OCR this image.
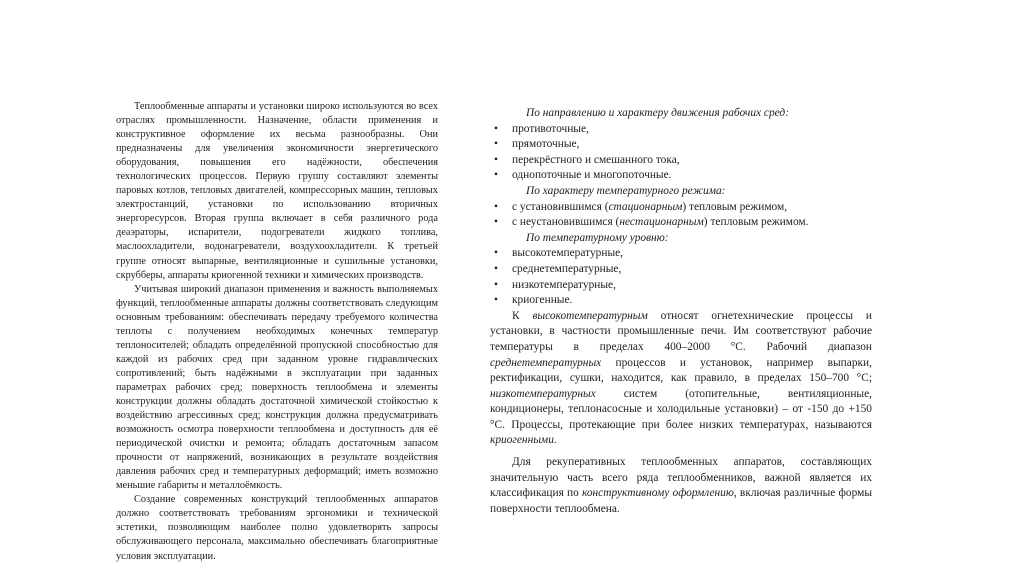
Теплообменные аппараты и установки широко используются во всех отраслях промышленности. Назначение, области применения и конструктивное оформление их весьма разнообразны. Они предназначены для увеличения экономичности энергетического оборудования, повышения его надёжности, обеспечения технологических процессов. Первую группу составляют элементы паровых котлов, тепловых двигателей, компрессорных машин, тепловых электростанций, установки по использованию вторичных энергоресурсов. Вторая группа включает в себя различного рода деаэраторы, испарители, подогреватели жидкого топлива, маслоохладители, водонагреватели, воздухоохладители. К третьей группе относят выпарные, вентиляционные и сушильные установки, скрубберы, аппараты криогенной техники и химических производств.

Учитывая широкий диапазон применения и важность выполняемых функций, теплообменные аппараты должны соответствовать следующим основным требованиям: обеспечивать передачу требуемого количества теплоты с получением необходимых конечных температур теплоносителей; обладать определённой пропускной способностью для каждой из рабочих сред при заданном уровне гидравлических сопротивлений; быть надёжными в эксплуатации при заданных параметрах рабочих сред; поверхность теплообмена и элементы конструкции должны обладать достаточной химической стойкостью к воздействию агрессивных сред; конструкция должна предусматривать возможность осмотра поверхности теплообмена и доступность для её периодической очистки и ремонта; обладать достаточным запасом прочности от напряжений, возникающих в результате воздействия давления рабочих сред и температурных деформаций; иметь возможно меньшие габариты и металлоёмкость.

Создание современных конструкций теплообменных аппаратов должно соответствовать требованиям эргономики и технической эстетики, позволяющим наиболее полно удовлетворять запросы обслуживающего персонала, максимально обеспечивать благоприятные условия эксплуатации.

По направлению и характеру движения рабочих сред:

• противоточные,
• прямоточные,
• перекрёстного и смешанного тока,
• однопоточные и многопоточные.

По характеру температурного режима:

• с установившимся (стационарным) тепловым режимом,
• с неустановившимся (нестационарным) тепловым режимом.

По температурному уровню:

• высокотемпературные,
• среднетемпературные,
• низкотемпературные,
• криогенные.

К высокотемпературным относят огнетехнические процессы и установки, в частности промышленные печи. Им соответствуют рабочие температуры в пределах 400–2000 °С. Рабочий диапазон среднетемпературных процессов и установок, например выпарки, ректификации, сушки, находится, как правило, в пределах 150–700 °С; низкотемпературных систем (отопительные, вентиляционные, кондиционеры, теплонасосные и холодильные установки) – от -150 до +150 °С. Процессы, протекающие при более низких температурах, называются криогенными.

Для рекуперативных теплообменных аппаратов, составляющих значительную часть всего ряда теплообменников, важной является их классификация по конструктивному оформлению, включая различные формы поверхности теплообмена.
